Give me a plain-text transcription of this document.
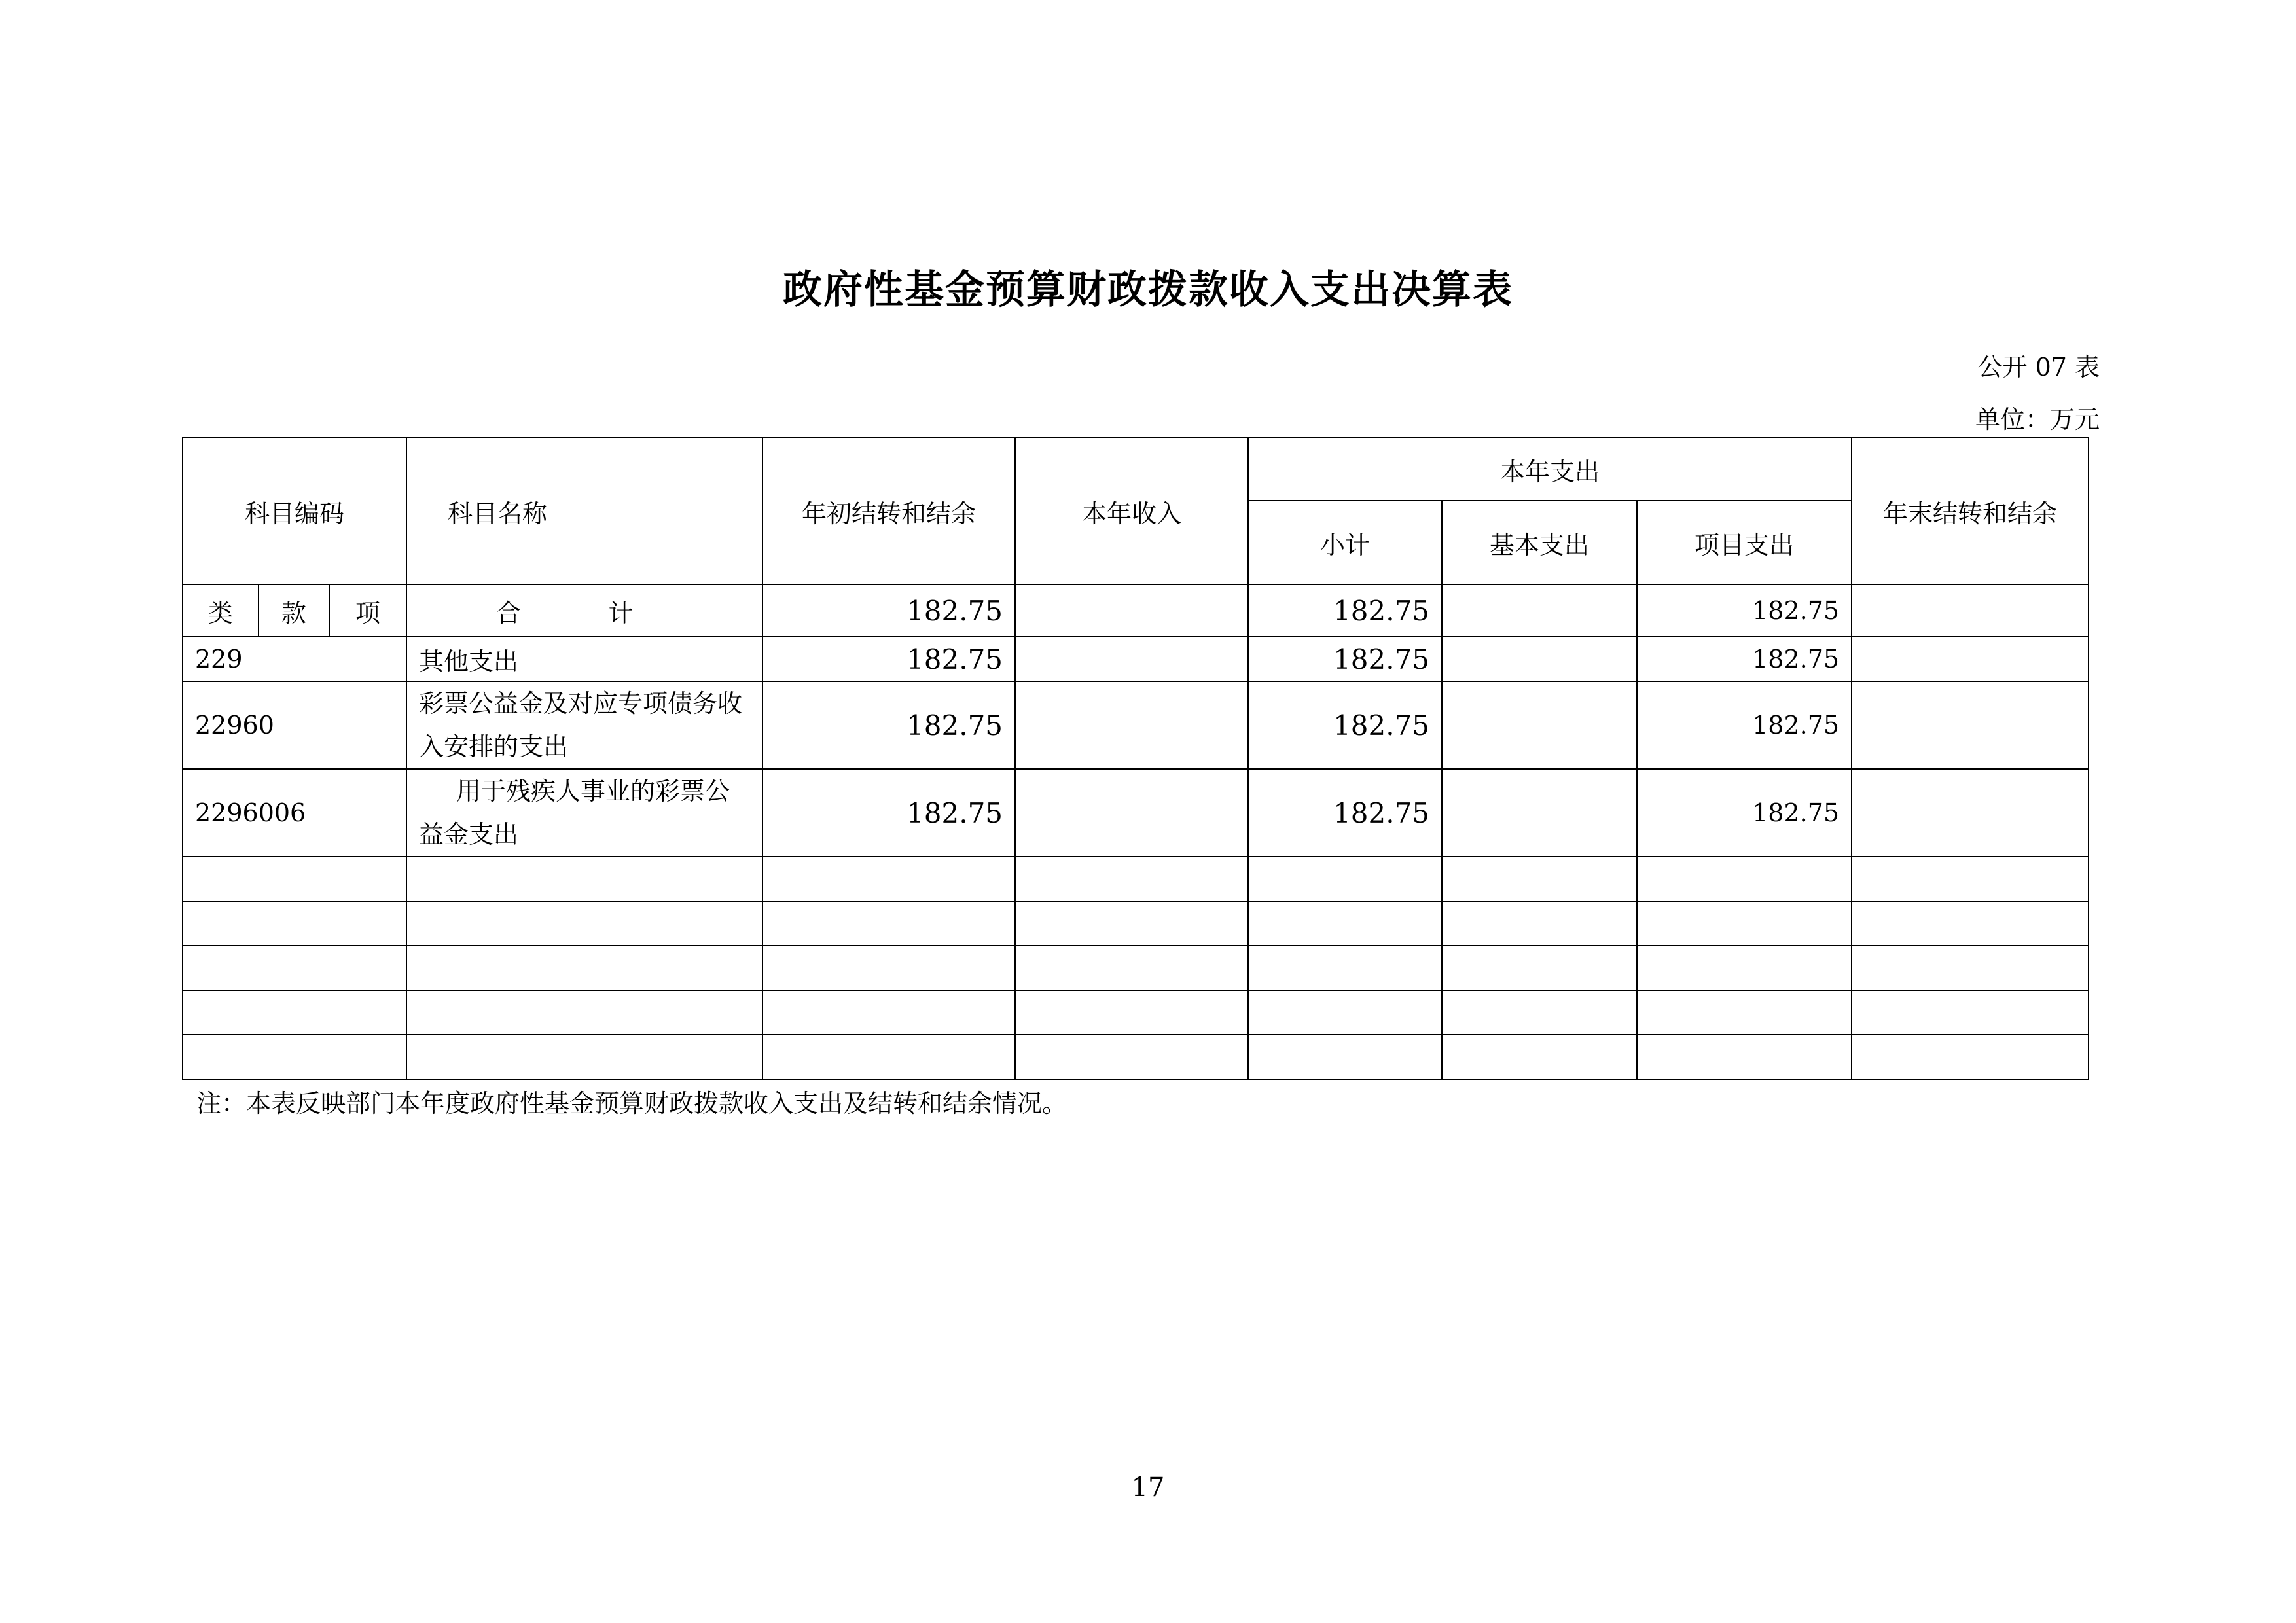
政府性基金预算财政拨款收入支出决算表
公开 07 表
单位：万元
科目编码			科目名称	年初结转和结余	本年收入	本年支出			年末结转和结余
						小计	基本支出	项目支出	
类	款	项	合 计	182.75		182.75		182.75	
229			其他支出	182.75		182.75		182.75	
22960			彩票公益金及对应专项债务收入安排的支出	182.75		182.75		182.75	
2296006			用于残疾人事业的彩票公益金支出	182.75		182.75		182.75	

注：本表反映部门本年度政府性基金预算财政拨款收入支出及结转和结余情况。
17
